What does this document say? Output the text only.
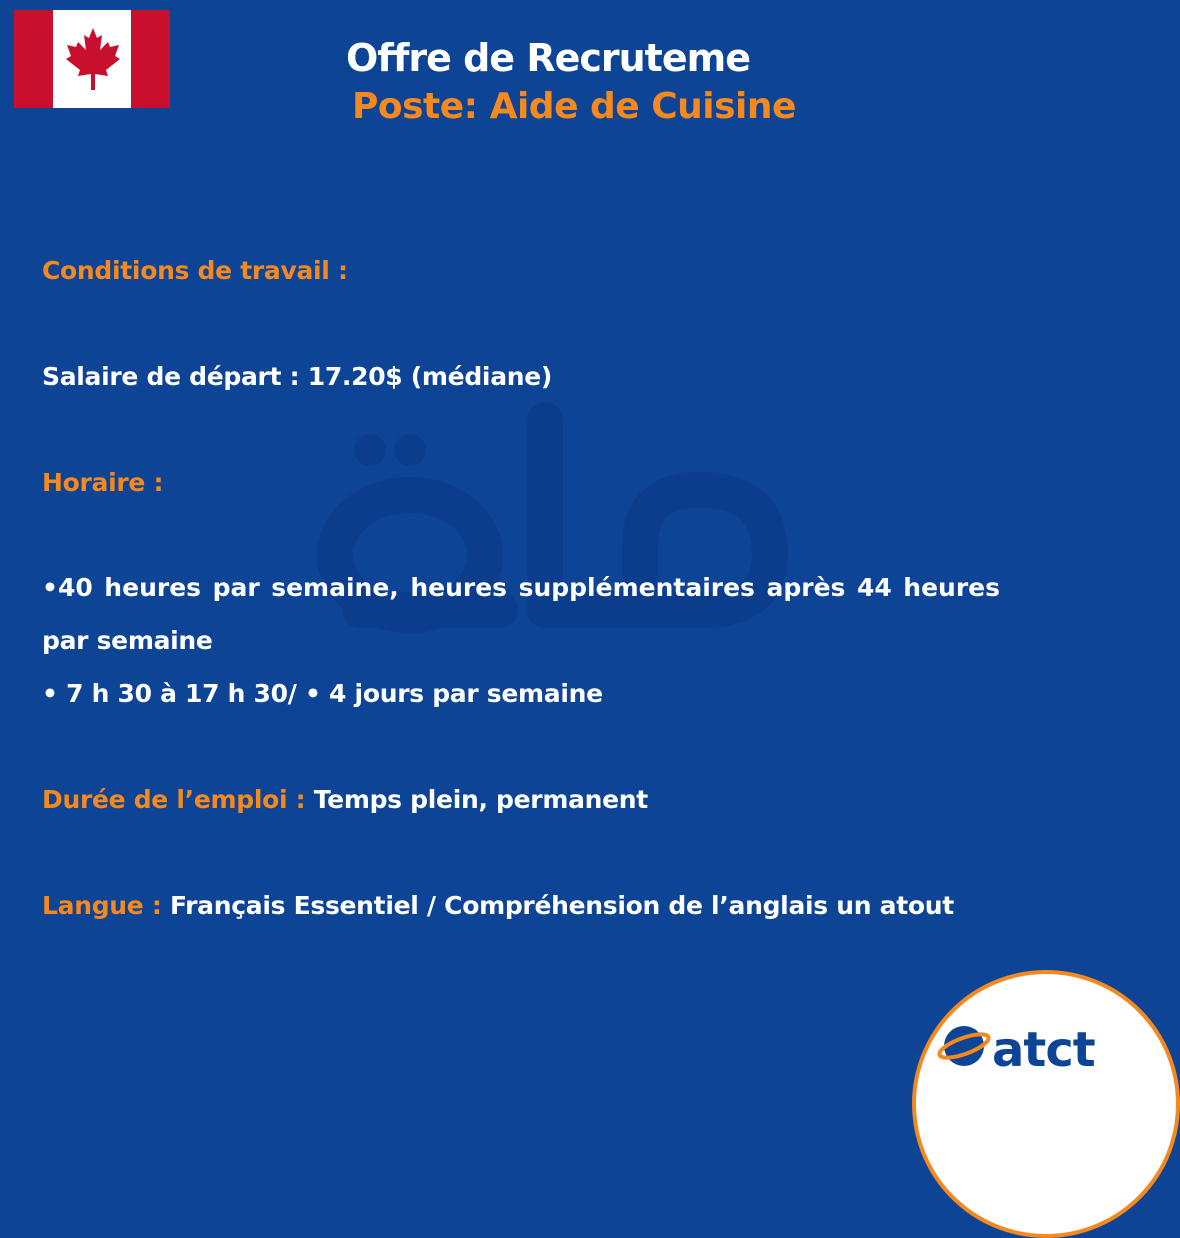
Offre de Recruteme
Poste: Aide de Cuisine
Conditions de travail :
Salaire de départ : 17.20$ (médiane)
Horaire :
•40 heures par semaine, heures supplémentaires après 44 heures
par semaine
• 7 h 30 à 17 h 30/ • 4 jours par semaine
Durée de l’emploi : Temps plein, permanent
Langue : Français Essentiel / Compréhension de l’anglais un atout
atct
